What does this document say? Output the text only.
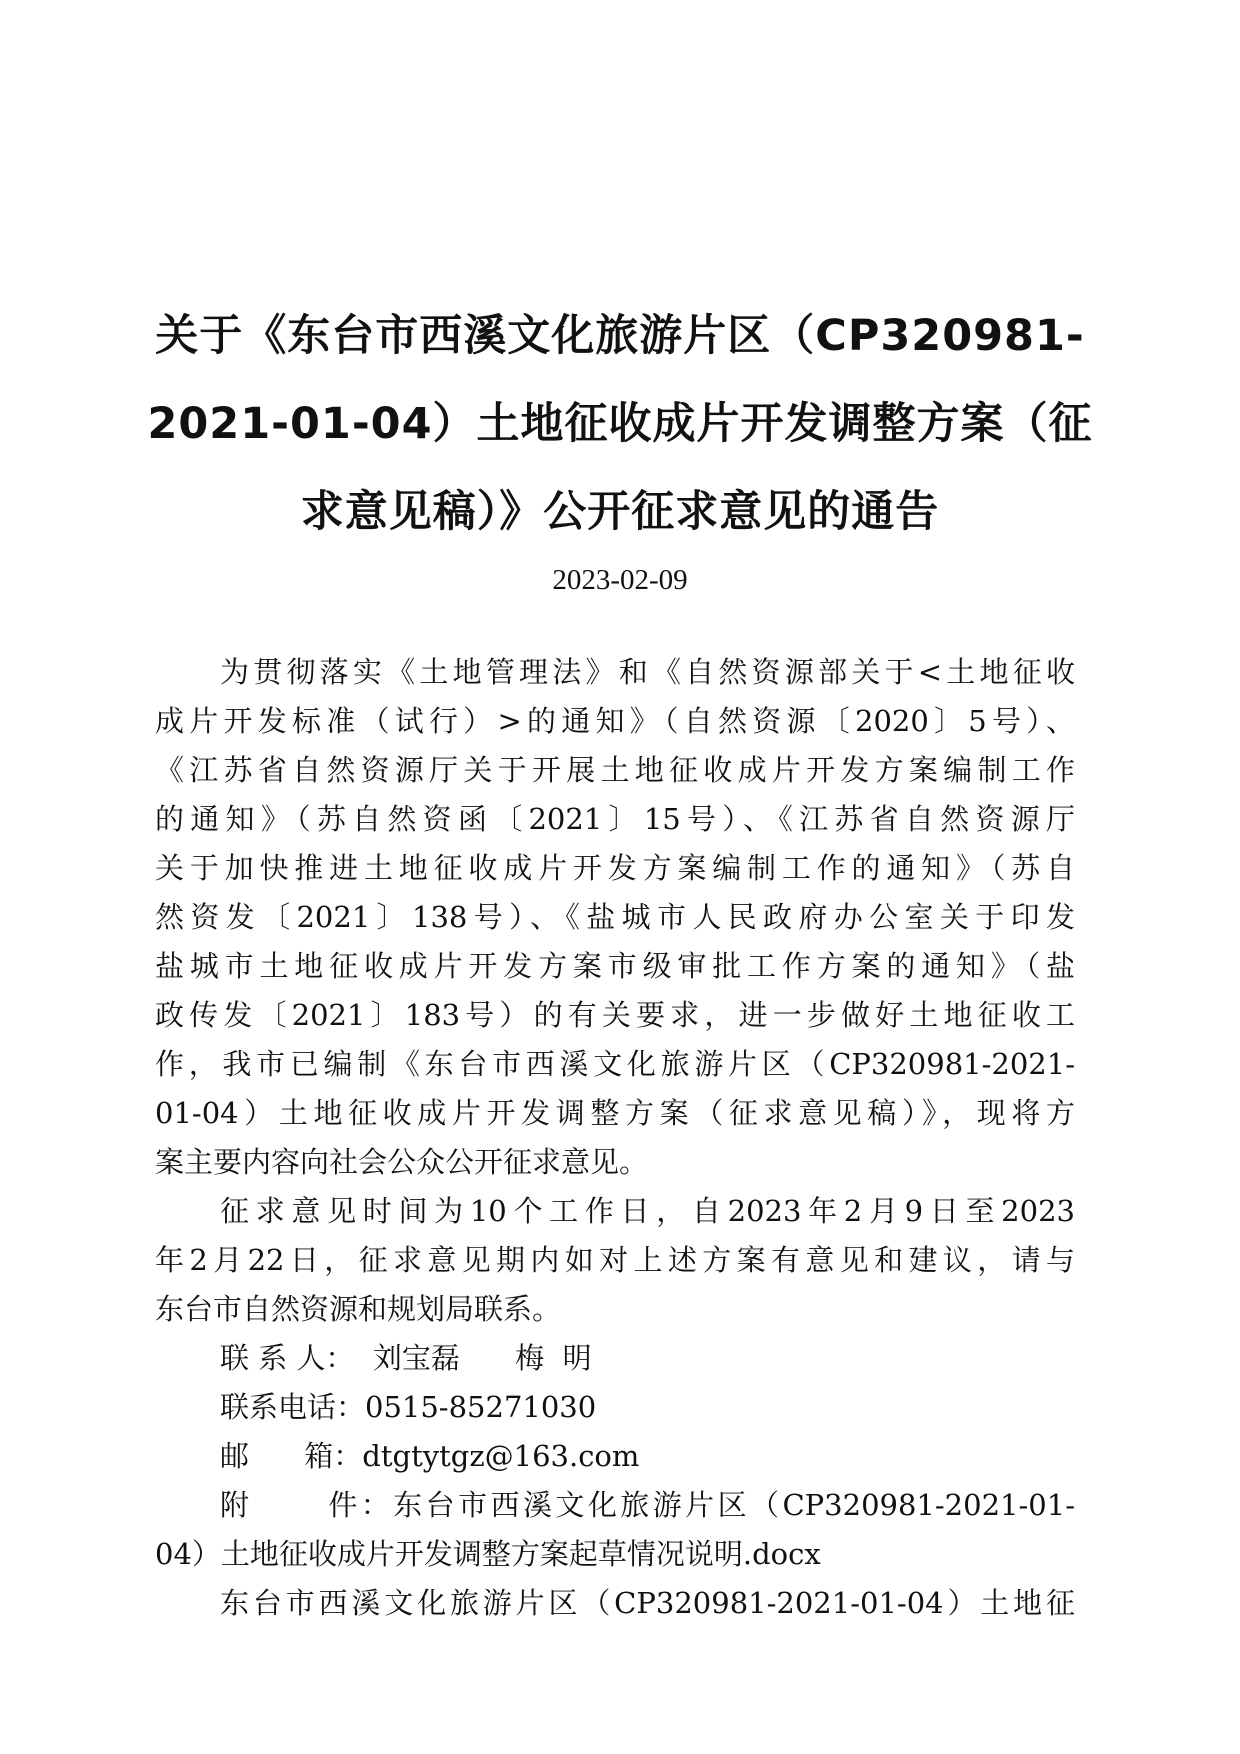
关于《东台市西溪文化旅游片区（CP320981-
2021-01-04）土地征收成片开发调整方案（征
求意见稿）》公开征求意见的通告
2023-02-09
为贯彻落实《土地管理法》和《自然资源部关于<土地征收
成片开发标准（试行）>的通知》（自然资源〔2020〕5号）、
《江苏省自然资源厅关于开展土地征收成片开发方案编制工作
的通知》（苏自然资函〔2021〕15号）、《江苏省自然资源厅
关于加快推进土地征收成片开发方案编制工作的通知》（苏自
然资发〔2021〕138号）、《盐城市人民政府办公室关于印发
盐城市土地征收成片开发方案市级审批工作方案的通知》（盐
政传发〔2021〕183号）的有关要求，进一步做好土地征收工
作，我市已编制《东台市西溪文化旅游片区（CP320981-2021-
01-04）土地征收成片开发调整方案（征求意见稿）》，现将方
案主要内容向社会公众公开征求意见。
征求意见时间为10个工作日，自2023年2月9日至2023
年2月22日，征求意见期内如对上述方案有意见和建议，请与
东台市自然资源和规划局联系。
联 系 人：  刘宝磊      梅  明
联系电话：0515-85271030
邮      箱：dtgtytgz@163.com
附      件：东台市西溪文化旅游片区（CP320981-2021-01-
04）土地征收成片开发调整方案起草情况说明.docx
东台市西溪文化旅游片区（CP320981-2021-01-04）土地征
